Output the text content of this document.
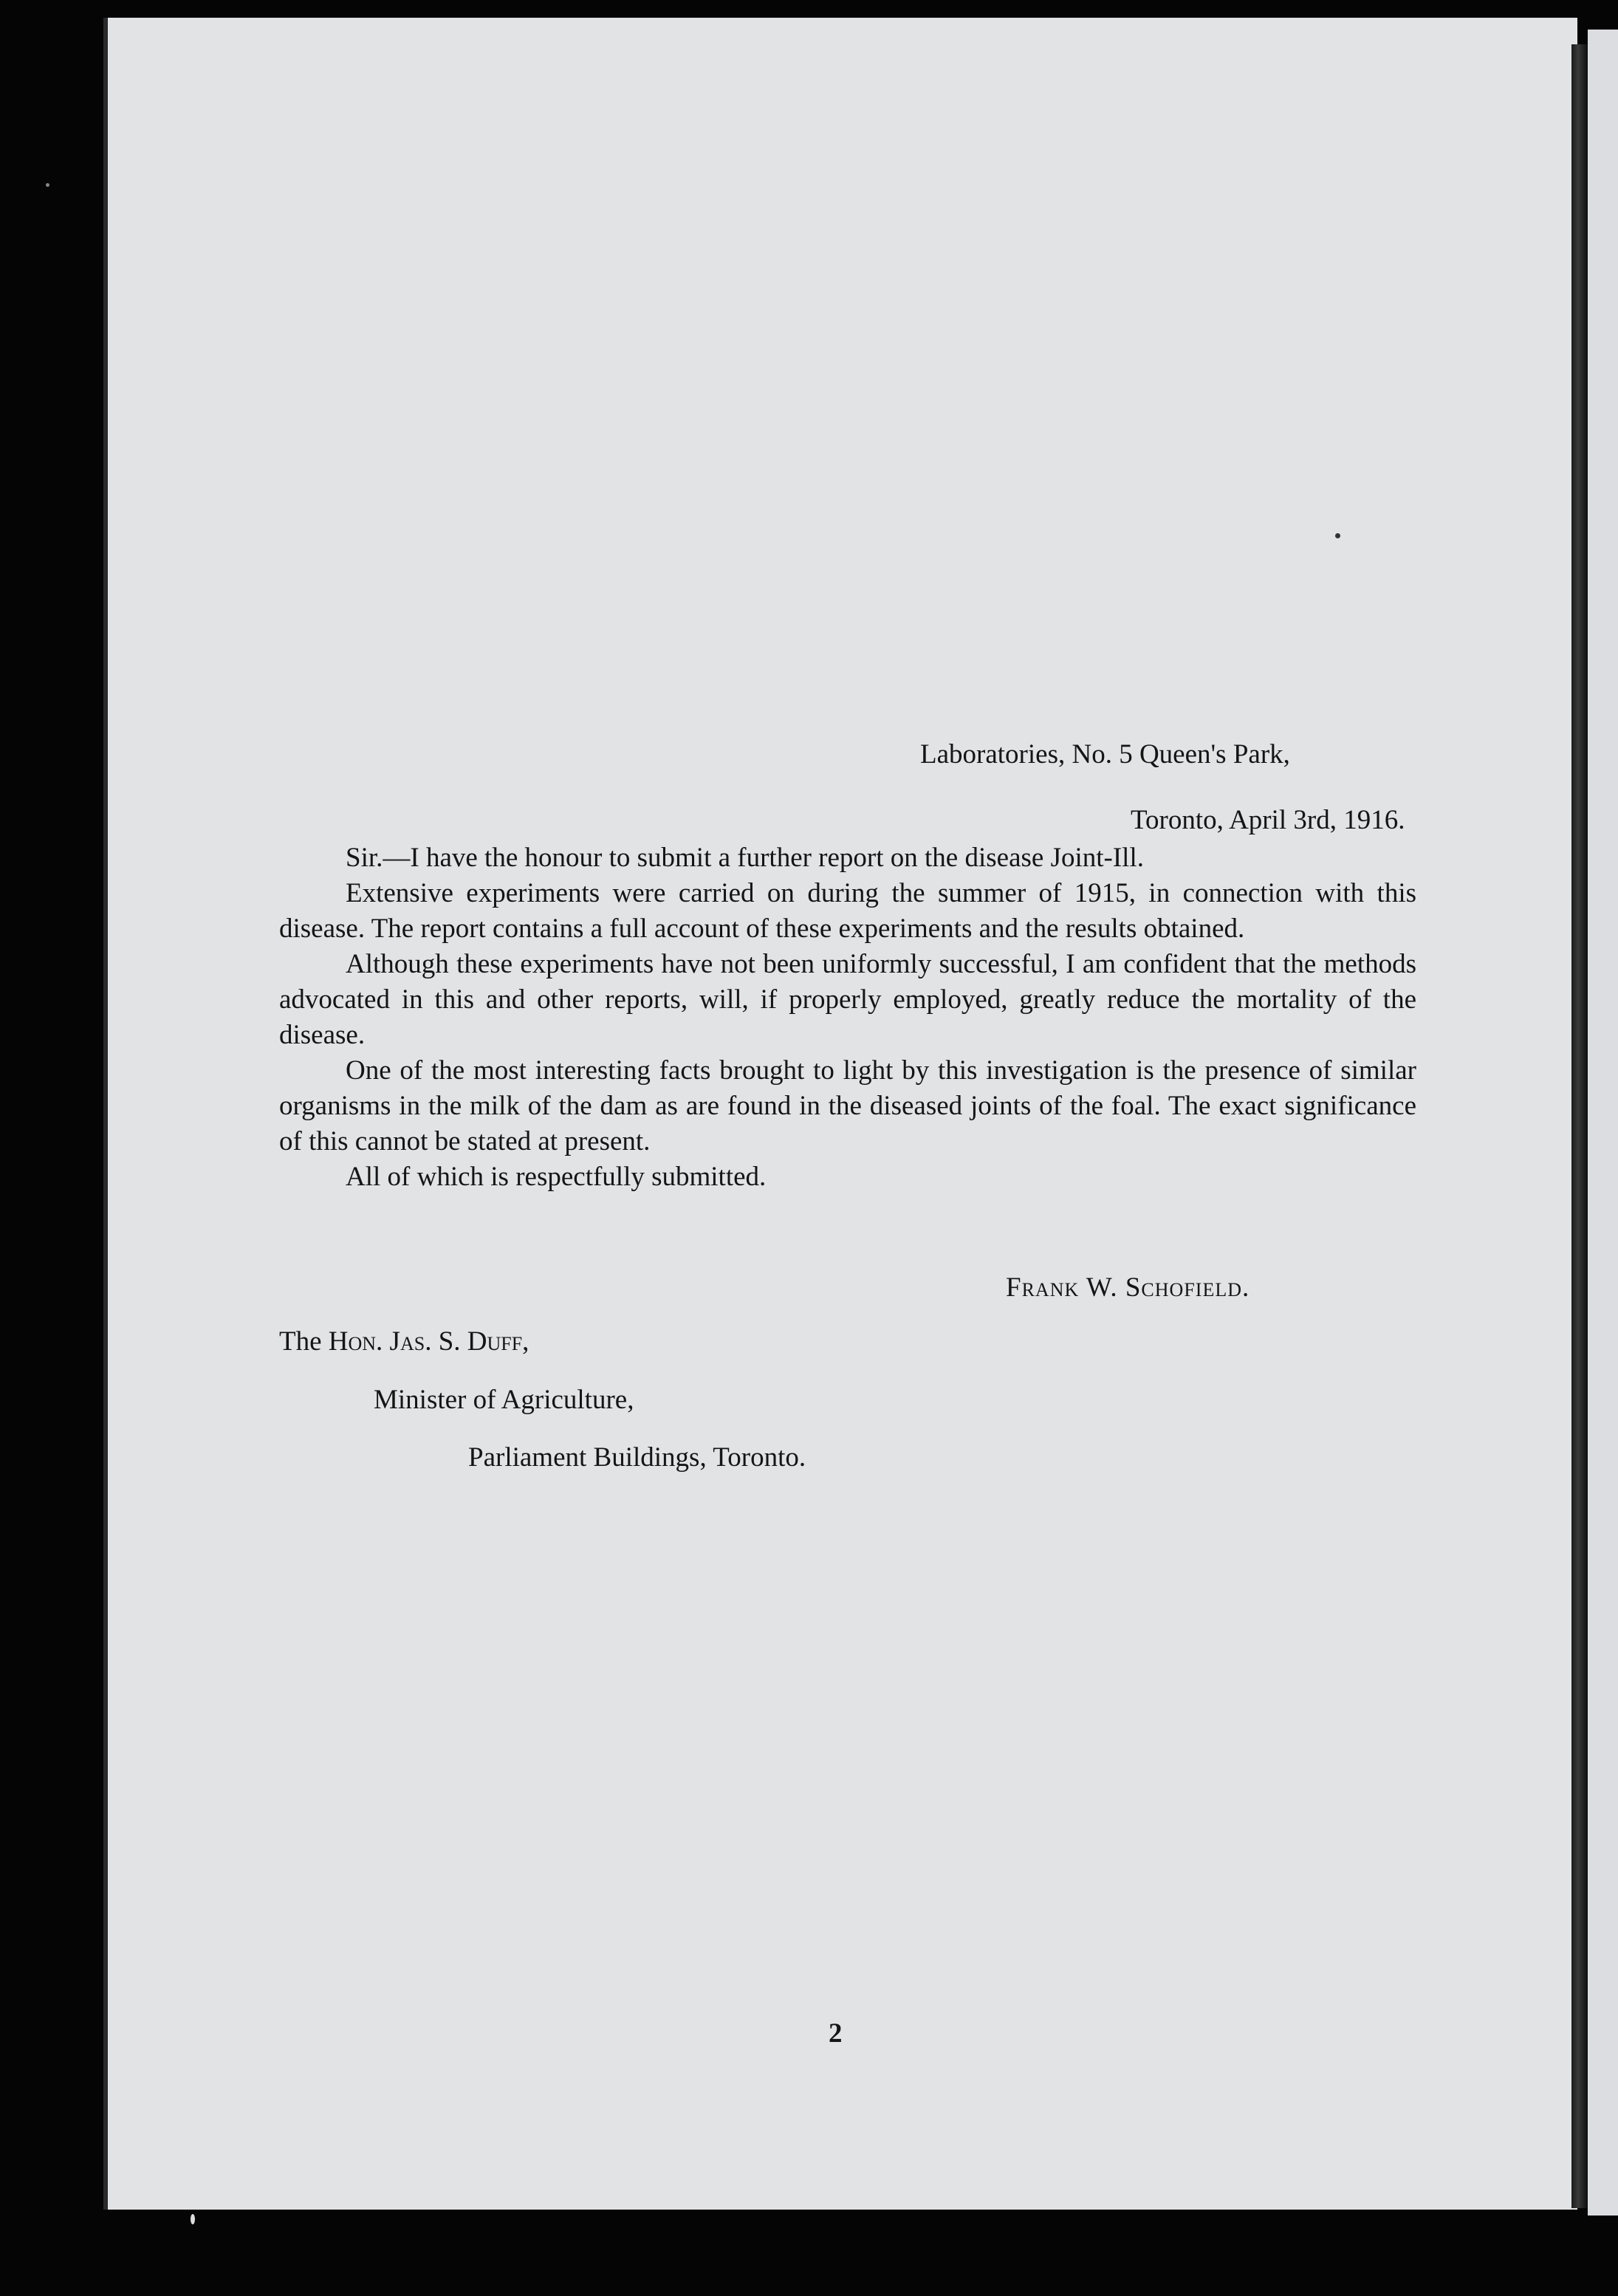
Laboratories, No. 5 Queen's Park,
Toronto, April 3rd, 1916.

Sir.—I have the honour to submit a further report on the disease Joint-Ill.

Extensive experiments were carried on during the summer of 1915, in connection with this disease. The report contains a full account of these experiments and the results obtained.

Although these experiments have not been uniformly successful, I am confident that the methods advocated in this and other reports, will, if properly employed, greatly reduce the mortality of the disease.

One of the most interesting facts brought to light by this investigation is the presence of similar organisms in the milk of the dam as are found in the diseased joints of the foal. The exact significance of this cannot be stated at present.

All of which is respectfully submitted.

Frank W. Schofield.
The Hon. Jas. S. Duff,
Minister of Agriculture,
Parliament Buildings, Toronto.
2
